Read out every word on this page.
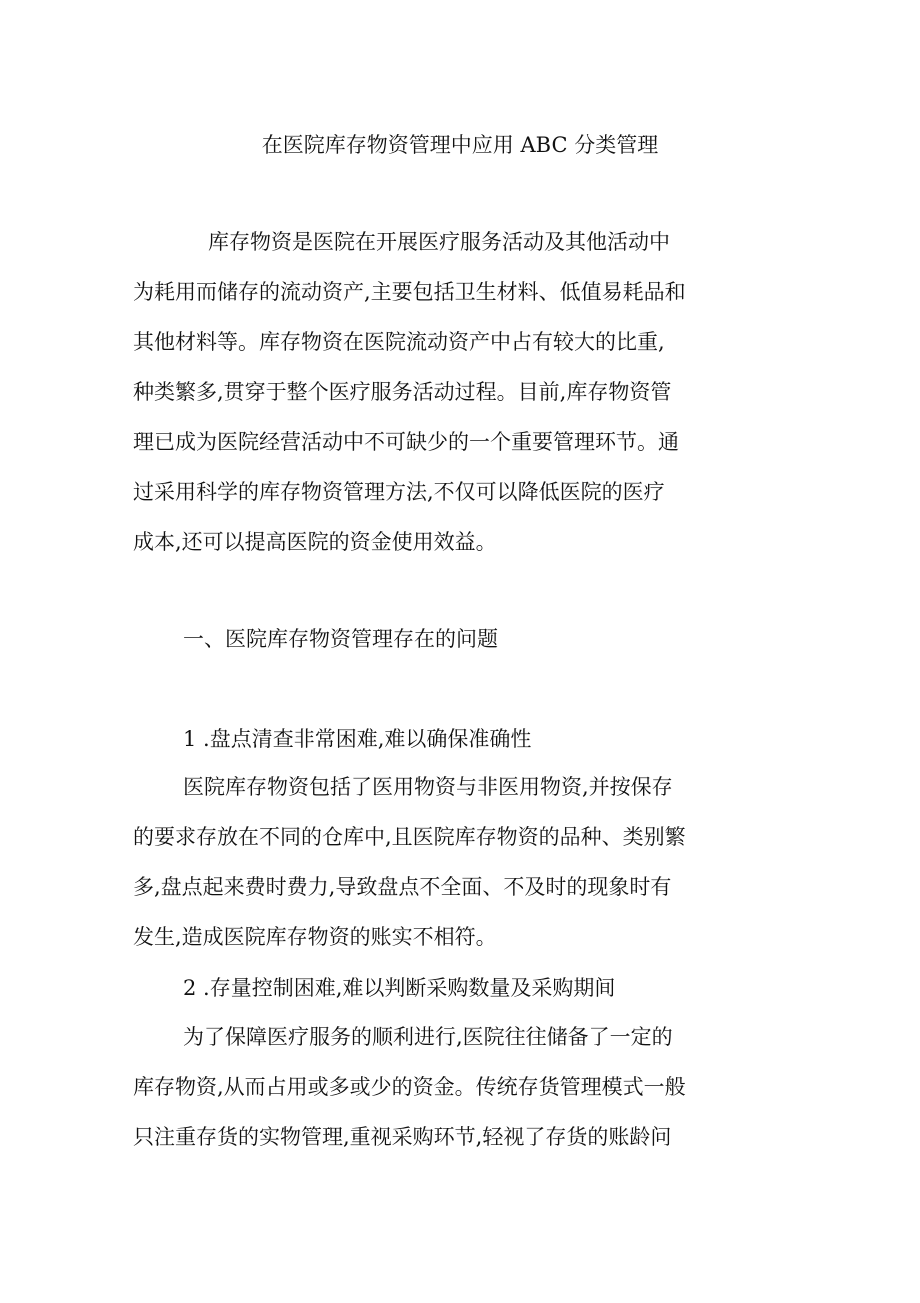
在医院库存物资管理中应用 ABC 分类管理
库存物资是医院在开展医疗服务活动及其他活动中
为耗用而储存的流动资产,主要包括卫生材料、低值易耗品和
其他材料等。库存物资在医院流动资产中占有较大的比重,
种类繁多,贯穿于整个医疗服务活动过程。目前,库存物资管
理已成为医院经营活动中不可缺少的一个重要管理环节。通
过采用科学的库存物资管理方法,不仅可以降低医院的医疗
成本,还可以提高医院的资金使用效益。
一、医院库存物资管理存在的问题
1 .盘点清查非常困难,难以确保准确性
医院库存物资包括了医用物资与非医用物资,并按保存
的要求存放在不同的仓库中,且医院库存物资的品种、类别繁
多,盘点起来费时费力,导致盘点不全面、不及时的现象时有
发生,造成医院库存物资的账实不相符。
2 .存量控制困难,难以判断采购数量及采购期间
为了保障医疗服务的顺利进行,医院往往储备了一定的
库存物资,从而占用或多或少的资金。传统存货管理模式一般
只注重存货的实物管理,重视采购环节,轻视了存货的账龄问
